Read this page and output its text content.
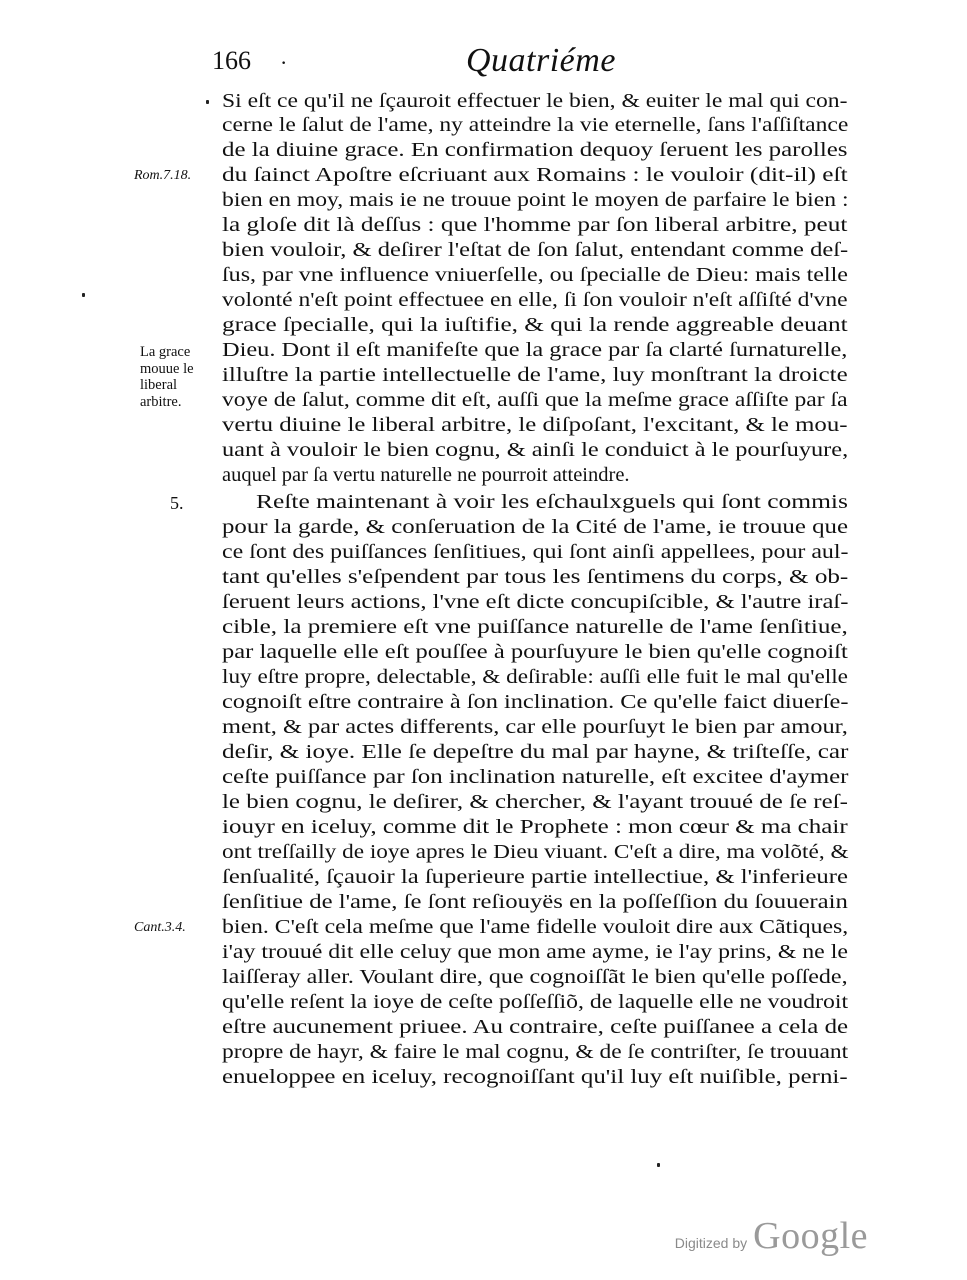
166 ·	Quatriéme
Si eſt ce qu'il ne ſçauroit effectuer le bien, & euiter le mal qui con-
cerne le ſalut de l'ame, ny atteindre la vie eternelle, ſans l'aſſiſtance
de la diuine grace. En confirmation dequoy ſeruent les parolles
du ſainct Apoſtre eſcriuant aux Romains : le vouloir (dit-il) eſt
bien en moy, mais ie ne trouue point le moyen de parfaire le bien :
la gloſe dit là deſſus : que l'homme par ſon liberal arbitre, peut
bien vouloir, & deſirer l'eſtat de ſon ſalut, entendant comme deſ-
ſus, par vne influence vniuerſelle, ou ſpecialle de Dieu: mais telle
volonté n'eſt point effectuee en elle, ſi ſon vouloir n'eſt aſſiſté d'vne
grace ſpecialle, qui la iuſtifie, & qui la rende aggreable deuant
Dieu. Dont il eſt manifeſte que la grace par ſa clarté ſurnaturelle,
illuſtre la partie intellectuelle de l'ame, luy monſtrant la droicte
voye de ſalut, comme dit eſt, auſſi que la meſme grace aſſiſte par ſa
vertu diuine le liberal arbitre, le diſpoſant, l'excitant, & le mou-
uant à vouloir le bien cognu, & ainſi le conduict à le pourſuyure,
auquel par ſa vertu naturelle ne pourroit atteindre.
Reſte maintenant à voir les eſchaulxguels qui ſont commis
pour la garde, & conſeruation de la Cité de l'ame, ie trouue que
ce ſont des puiſſances ſenſitiues, qui ſont ainſi appellees, pour aul-
tant qu'elles s'eſpendent par tous les ſentimens du corps, & ob-
ſeruent leurs actions, l'vne eſt dicte concupiſcible, & l'autre iraſ-
cible, la premiere eſt vne puiſſance naturelle de l'ame ſenſitiue,
par laquelle elle eſt pouſſee à pourſuyure le bien qu'elle cognoiſt
luy eſtre propre, delectable, & deſirable: auſſi elle fuit le mal qu'elle
cognoiſt eſtre contraire à ſon inclination. Ce qu'elle faict diuerſe-
ment, & par actes differents, car elle pourſuyt le bien par amour,
deſir, & ioye. Elle ſe depeſtre du mal par hayne, & triſteſſe, car
ceſte puiſſance par ſon inclination naturelle, eſt excitee d'aymer
le bien cognu, le deſirer, & chercher, & l'ayant trouué de ſe reſ-
iouyr en iceluy, comme dit le Prophete : mon cœur & ma chair
ont treſſailly de ioye apres le Dieu viuant. C'eſt a dire, ma volõté, &
ſenſualité, ſçauoir la ſuperieure partie intellectiue, & l'inferieure
ſenſitiue de l'ame, ſe ſont reſiouyës en la poſſeſſion du ſouuerain
bien. C'eſt cela meſme que l'ame fidelle vouloit dire aux Cãtiques,
i'ay trouué dit elle celuy que mon ame ayme, ie l'ay prins, & ne le
laiſſeray aller. Voulant dire, que cognoiſſãt le bien qu'elle poſſede,
qu'elle reſent la ioye de ceſte poſſeſſiõ, de laquelle elle ne voudroit
eſtre aucunement priuee. Au contraire, ceſte puiſſanee a cela de
propre de hayr, & faire le mal cognu, & de ſe contriſter, ſe trouuant
enueloppee en iceluy, recognoiſſant qu'il luy eſt nuiſible, perni-
Rom.7.18.
La grace
mouue le
liberal
arbitre.
5.
Cant.3.4.
Digitized by Google
